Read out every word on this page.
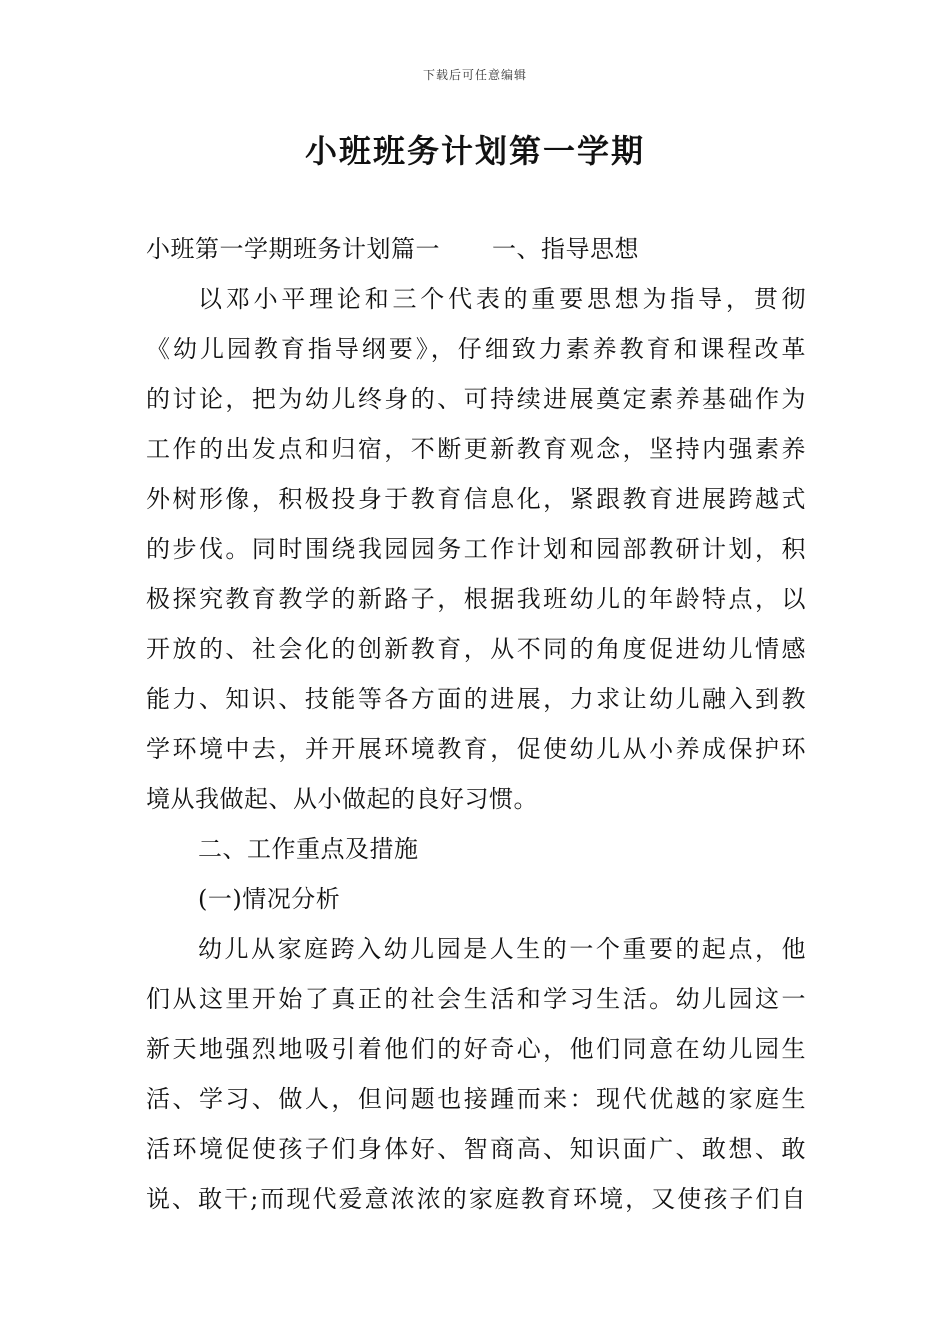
下载后可任意编辑
小班班务计划第一学期
小班第一学期班务计划篇一 一、指导思想
以邓小平理论和三个代表的重要思想为指导，贯彻
《幼儿园教育指导纲要》，仔细致力素养教育和课程改革
的讨论，把为幼儿终身的、可持续进展奠定素养基础作为
工作的出发点和归宿，不断更新教育观念，坚持内强素养
外树形像，积极投身于教育信息化，紧跟教育进展跨越式
的步伐。同时围绕我园园务工作计划和园部教研计划，积
极探究教育教学的新路子，根据我班幼儿的年龄特点，以
开放的、社会化的创新教育，从不同的角度促进幼儿情感
能力、知识、技能等各方面的进展，力求让幼儿融入到教
学环境中去，并开展环境教育，促使幼儿从小养成保护环
境从我做起、从小做起的良好习惯。
二、工作重点及措施
(一)情况分析
幼儿从家庭跨入幼儿园是人生的一个重要的起点，他
们从这里开始了真正的社会生活和学习生活。幼儿园这一
新天地强烈地吸引着他们的好奇心，他们同意在幼儿园生
活、学习、做人，但问题也接踵而来：现代优越的家庭生
活环境促使孩子们身体好、智商高、知识面广、敢想、敢
说、敢干;而现代爱意浓浓的家庭教育环境，又使孩子们自
